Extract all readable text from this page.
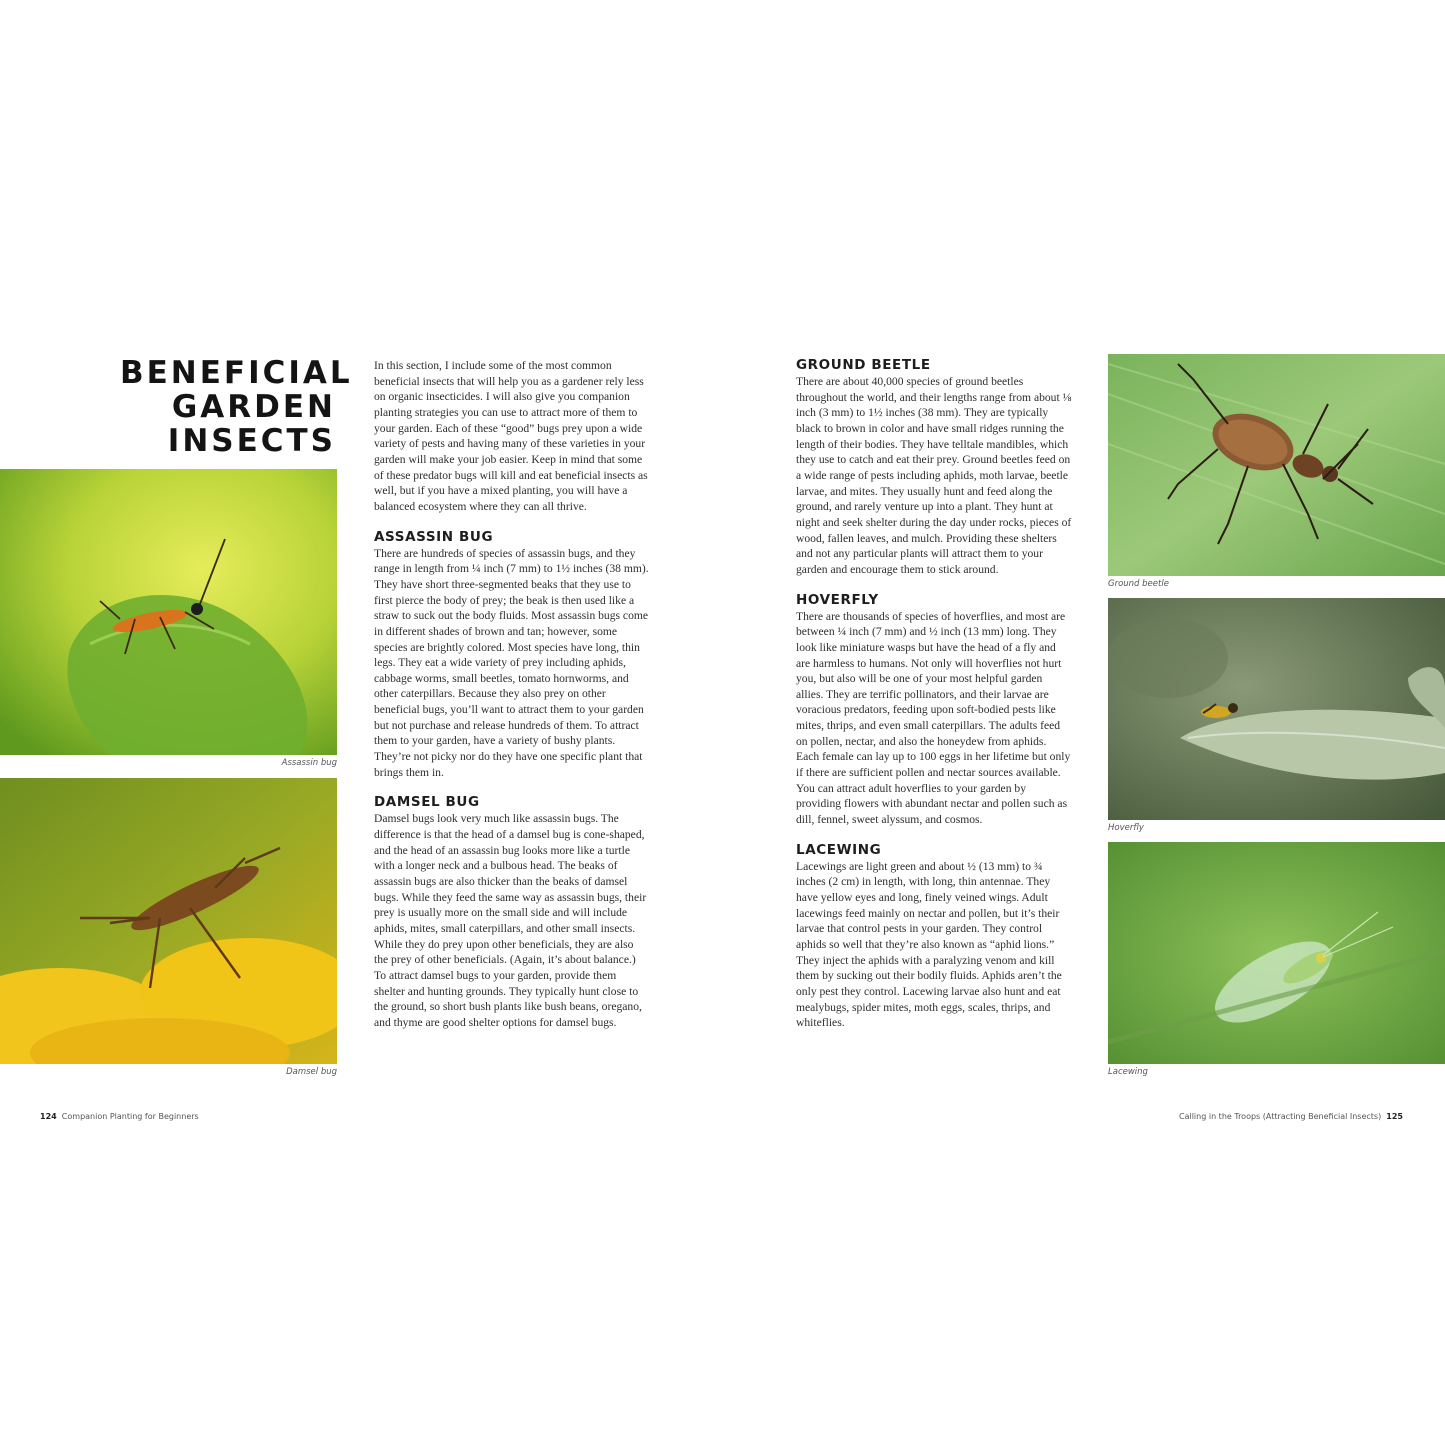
BENEFICIAL
GARDEN
INSECTS
Assassin bug
Damsel bug

In this section, I include some of the most common beneficial insects that will help you as a gardener rely less on organic insecticides. I will also give you companion planting strategies you can use to attract more of them to your garden. Each of these “good” bugs prey upon a wide variety of pests and having many of these varieties in your garden will make your job easier. Keep in mind that some of these predator bugs will kill and eat beneficial insects as well, but if you have a mixed planting, you will have a balanced ecosystem where they can all thrive.

ASSASSIN BUG

There are hundreds of species of assassin bugs, and they range in length from ¼ inch (7 mm) to 1½ inches (38 mm). They have short three-segmented beaks that they use to first pierce the body of prey; the beak is then used like a straw to suck out the body fluids. Most assassin bugs come in different shades of brown and tan; however, some species are brightly colored. Most species have long, thin legs. They eat a wide variety of prey including aphids, cabbage worms, small beetles, tomato hornworms, and other caterpillars. Because they also prey on other beneficial bugs, you’ll want to attract them to your garden but not purchase and release hundreds of them. To attract them to your garden, have a variety of bushy plants. They’re not picky nor do they have one specific plant that brings them in.

DAMSEL BUG

Damsel bugs look very much like assassin bugs. The difference is that the head of a damsel bug is cone-shaped, and the head of an assassin bug looks more like a turtle with a longer neck and a bulbous head. The beaks of assassin bugs are also thicker than the beaks of damsel bugs. While they feed the same way as assassin bugs, their prey is usually more on the small side and will include aphids, mites, small caterpillars, and other small insects. While they do prey upon other beneficials, they are also the prey of other beneficials. (Again, it’s about balance.) To attract damsel bugs to your garden, provide them shelter and hunting grounds. They typically hunt close to the ground, so short bush plants like bush beans, oregano, and thyme are good shelter options for damsel bugs.

GROUND BEETLE

There are about 40,000 species of ground beetles throughout the world, and their lengths range from about ⅛ inch (3 mm) to 1½ inches (38 mm). They are typically black to brown in color and have small ridges running the length of their bodies. They have telltale mandibles, which they use to catch and eat their prey. Ground beetles feed on a wide range of pests including aphids, moth larvae, beetle larvae, and mites. They usually hunt and feed along the ground, and rarely venture up into a plant. They hunt at night and seek shelter during the day under rocks, pieces of wood, fallen leaves, and mulch. Providing these shelters and not any particular plants will attract them to your garden and encourage them to stick around.

HOVERFLY

There are thousands of species of hoverflies, and most are between ¼ inch (7 mm) and ½ inch (13 mm) long. They look like miniature wasps but have the head of a fly and are harmless to humans. Not only will hoverflies not hurt you, but also will be one of your most helpful garden allies. They are terrific pollinators, and their larvae are voracious predators, feeding upon soft-bodied pests like mites, thrips, and even small caterpillars. The adults feed on pollen, nectar, and also the honeydew from aphids. Each female can lay up to 100 eggs in her lifetime but only if there are sufficient pollen and nectar sources available. You can attract adult hoverflies to your garden by providing flowers with abundant nectar and pollen such as dill, fennel, sweet alyssum, and cosmos.

LACEWING

Lacewings are light green and about ½ (13 mm) to ¾ inches (2 cm) in length, with long, thin antennae. They have yellow eyes and long, finely veined wings. Adult lacewings feed mainly on nectar and pollen, but it’s their larvae that control pests in your garden. They control aphids so well that they’re also known as “aphid lions.” They inject the aphids with a paralyzing venom and kill them by sucking out their bodily fluids. Aphids aren’t the only pest they control. Lacewing larvae also hunt and eat mealybugs, spider mites, moth eggs, scales, thrips, and whiteflies.

Ground beetle
Hoverfly
Lacewing
124 Companion Planting for Beginners	Calling in the Troops (Attracting Beneficial Insects) 125
